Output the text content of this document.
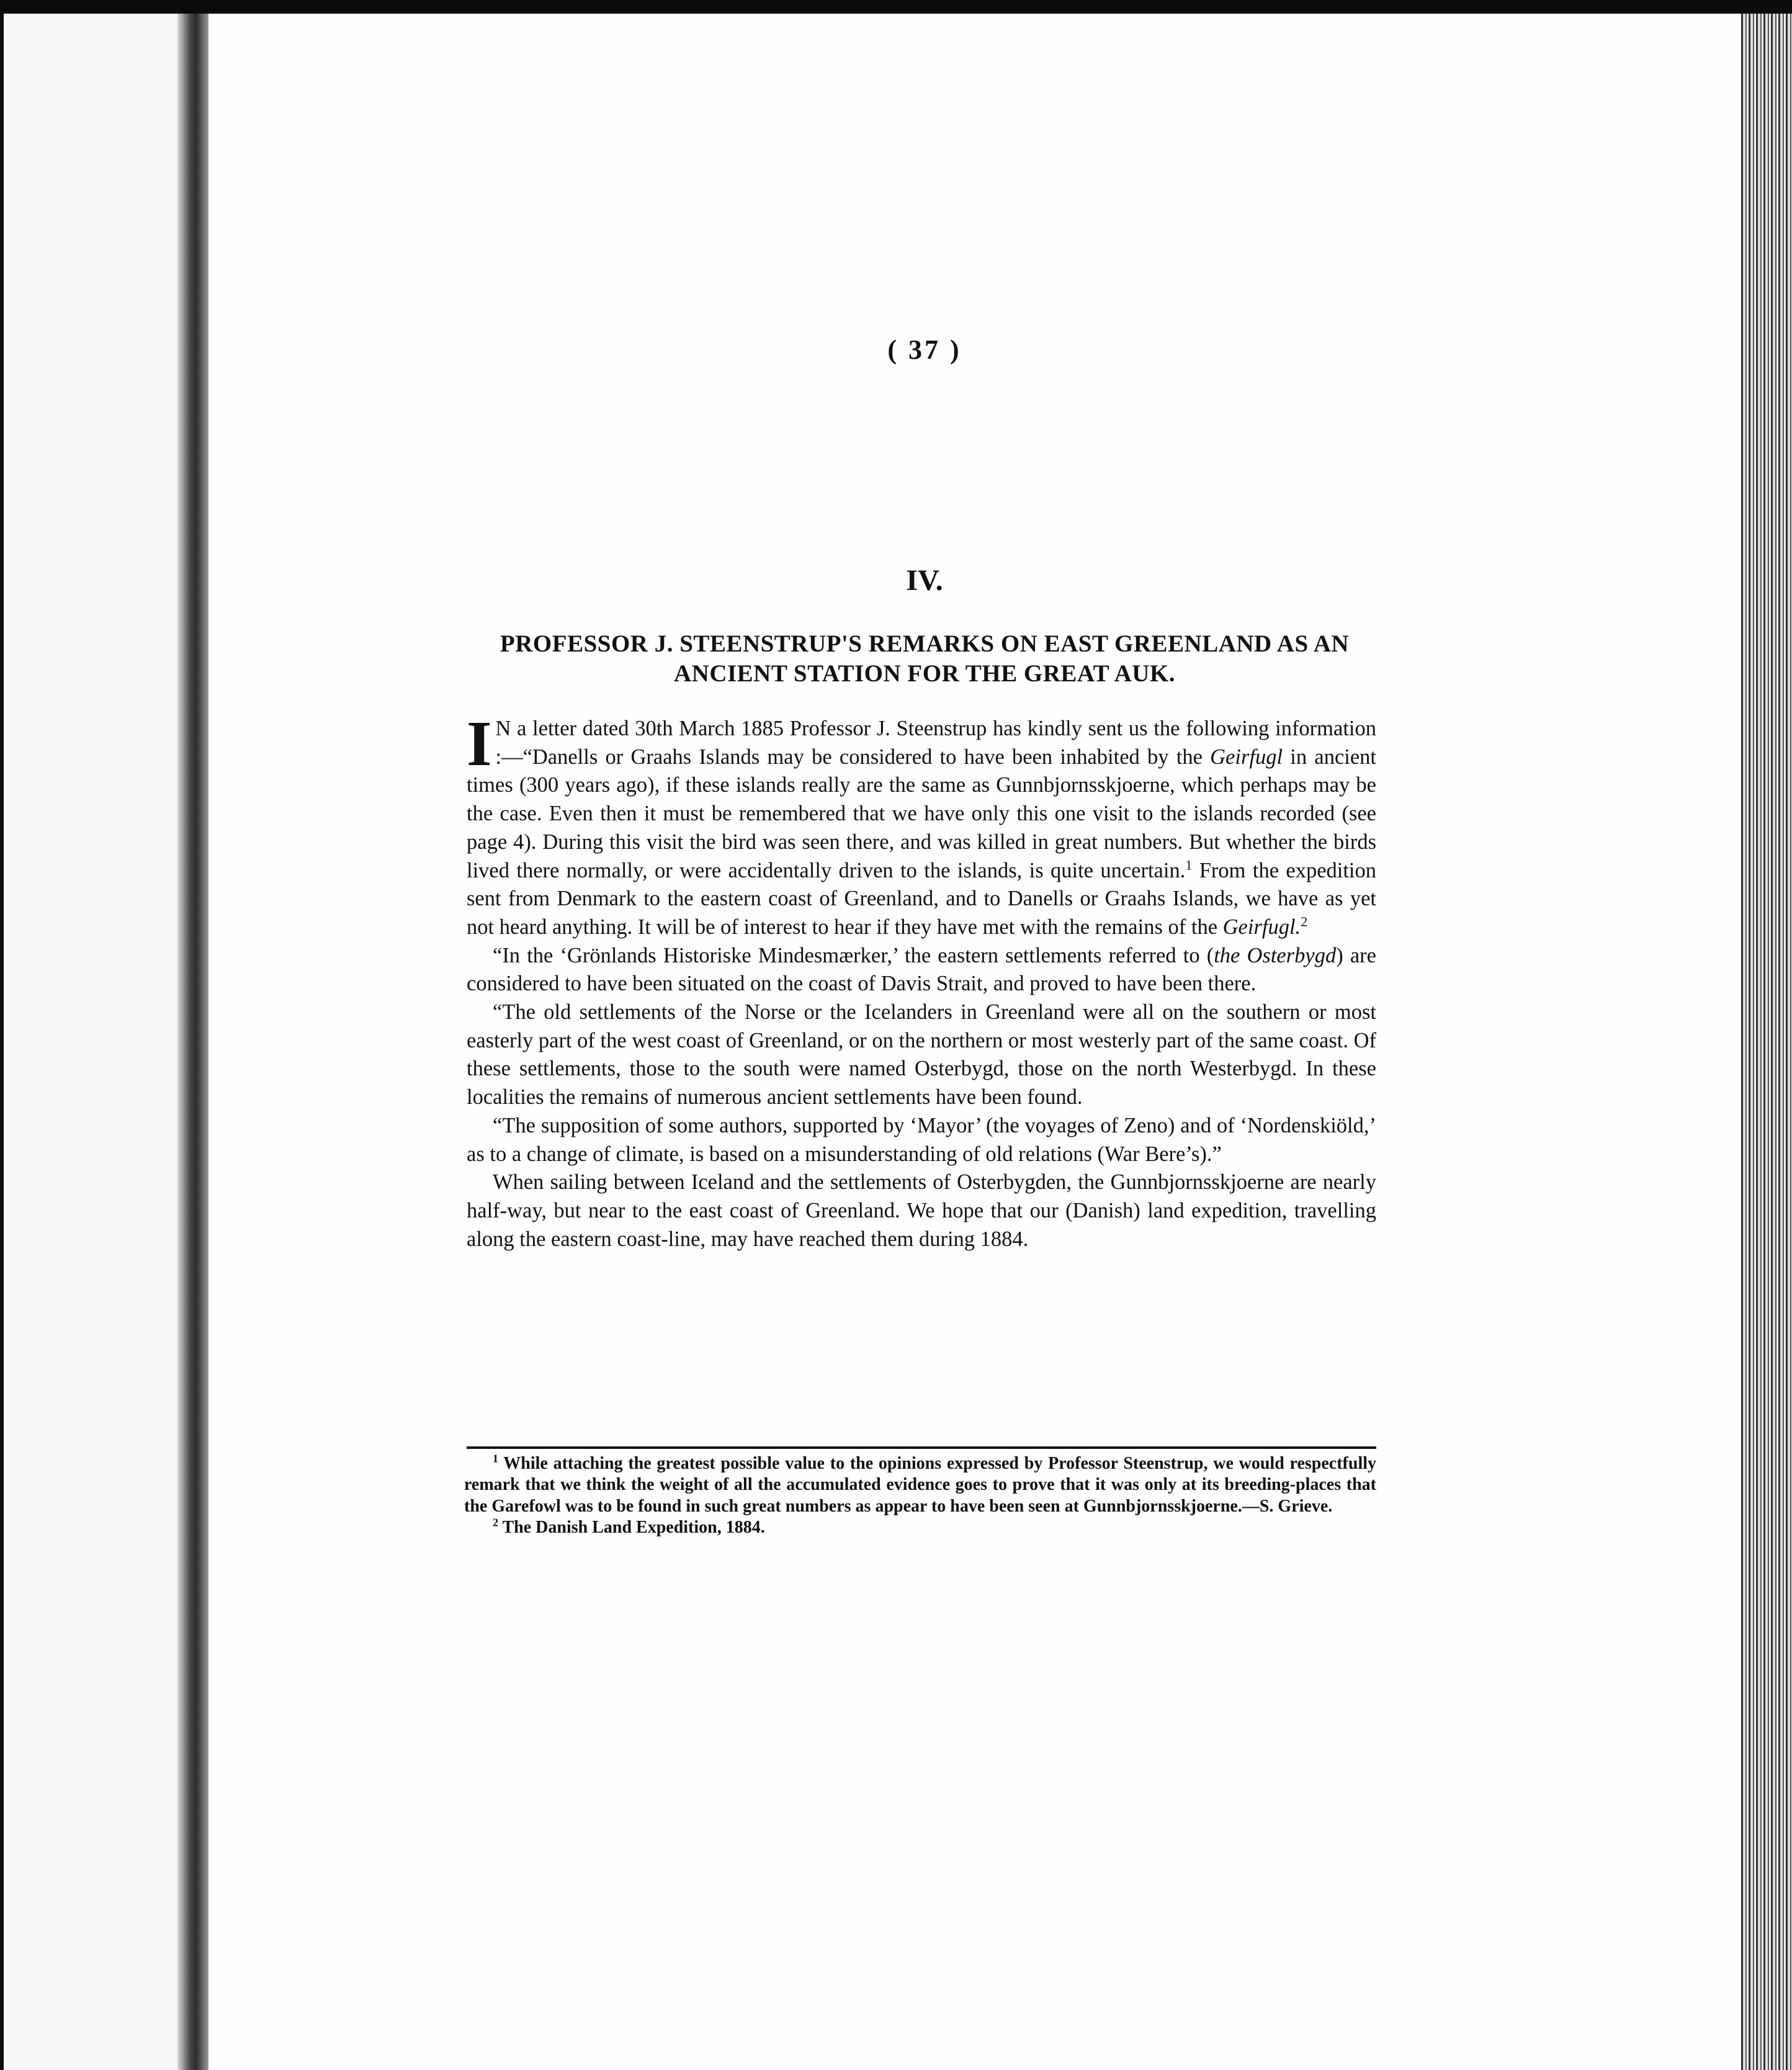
( 37 )
IV.
PROFESSOR J. STEENSTRUP'S REMARKS ON EAST GREENLAND AS AN
ANCIENT STATION FOR THE GREAT AUK.

I N a letter dated 30th March 1885 Professor J. Steenstrup has kindly sent us the following information :—“Danells or Graahs Islands may be considered to have been inhabited by the Geirfugl in ancient times (300 years ago), if these islands really are the same as Gunnbjornsskjoerne, which perhaps may be the case. Even then it must be remembered that we have only this one visit to the islands recorded (see page 4). During this visit the bird was seen there, and was killed in great numbers. But whether the birds lived there normally, or were accidentally driven to the islands, is quite uncertain.$^1$ From the expedition sent from Denmark to the eastern coast of Greenland, and to Danells or Graahs Islands, we have as yet not heard anything. It will be of interest to hear if they have met with the remains of the Geirfugl.$^2$

“In the ‘Grönlands Historiske Mindesmærker,’ the eastern settlements referred to (the Osterbygd) are considered to have been situated on the coast of Davis Strait, and proved to have been there.

“The old settlements of the Norse or the Icelanders in Greenland were all on the southern or most easterly part of the west coast of Greenland, or on the northern or most westerly part of the same coast. Of these settlements, those to the south were named Osterbygd, those on the north Westerbygd. In these localities the remains of numerous ancient settlements have been found.

“The supposition of some authors, supported by ‘Mayor’ (the voyages of Zeno) and of ‘Nordenskiöld,’ as to a change of climate, is based on a misunderstanding of old relations (War Bere’s).”

When sailing between Iceland and the settlements of Osterbygden, the Gunnbjornsskjoerne are nearly half-way, but near to the east coast of Greenland. We hope that our (Danish) land expedition, travelling along the eastern coast-line, may have reached them during 1884.

$^1$ While attaching the greatest possible value to the opinions expressed by Professor Steenstrup, we would respectfully remark that we think the weight of all the accumulated evidence goes to prove that it was only at its breeding-places that the Garefowl was to be found in such great numbers as appear to have been seen at Gunnbjornsskjoerne.—S. Grieve.

$^2$ The Danish Land Expedition, 1884.
